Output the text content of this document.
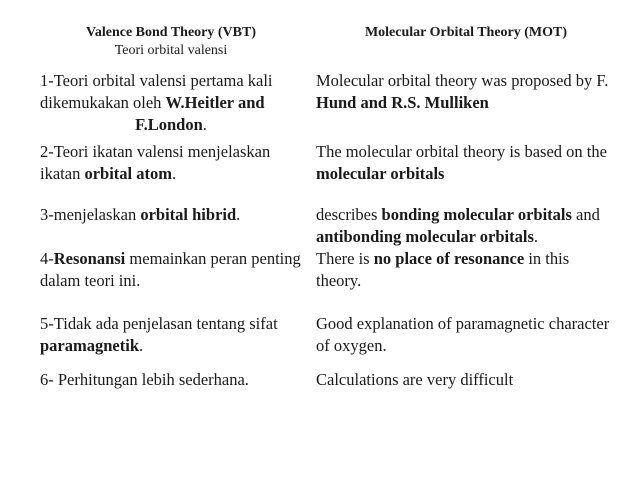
Valence Bond Theory (VBT)
Teori orbital valensi
Molecular Orbital Theory (MOT)
1-Teori orbital valensi pertama kali dikemukakan oleh W.Heitler and
F.London.
Molecular orbital theory was proposed by F. Hund and R.S. Mulliken
2-Teori ikatan valensi menjelaskan ikatan orbital atom.
The molecular orbital theory is based on the molecular orbitals
3-menjelaskan orbital hibrid.	describes bonding molecular orbitals and antibonding molecular orbitals.
4-Resonansi memainkan peran penting dalam teori ini.
There is no place of resonance in this theory.
5-Tidak ada penjelasan tentang sifat paramagnetik.
Good explanation of paramagnetic character of oxygen.
6- Perhitungan lebih sederhana.	Calculations are very difficult
